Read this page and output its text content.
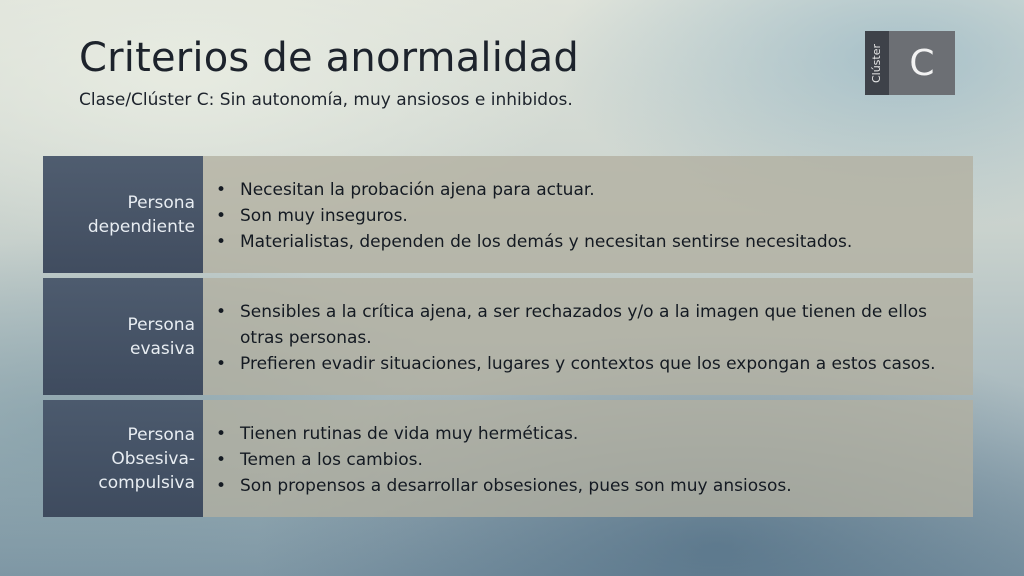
Criterios de anormalidad
Clase/Clúster C: Sin autonomía, muy ansiosos e inhibidos.
Clúster C
Persona
dependiente
• Necesitan la probación ajena para actuar.
• Son muy inseguros.
• Materialistas, dependen de los demás y necesitan sentirse necesitados.
Persona
evasiva
• Sensibles a la crítica ajena, a ser rechazados y/o a la imagen que tienen de ellos otras personas.
• Prefieren evadir situaciones, lugares y contextos que los expongan a estos casos.
Persona
Obsesiva-
compulsiva
• Tienen rutinas de vida muy herméticas.
• Temen a los cambios.
• Son propensos a desarrollar obsesiones, pues son muy ansiosos.
